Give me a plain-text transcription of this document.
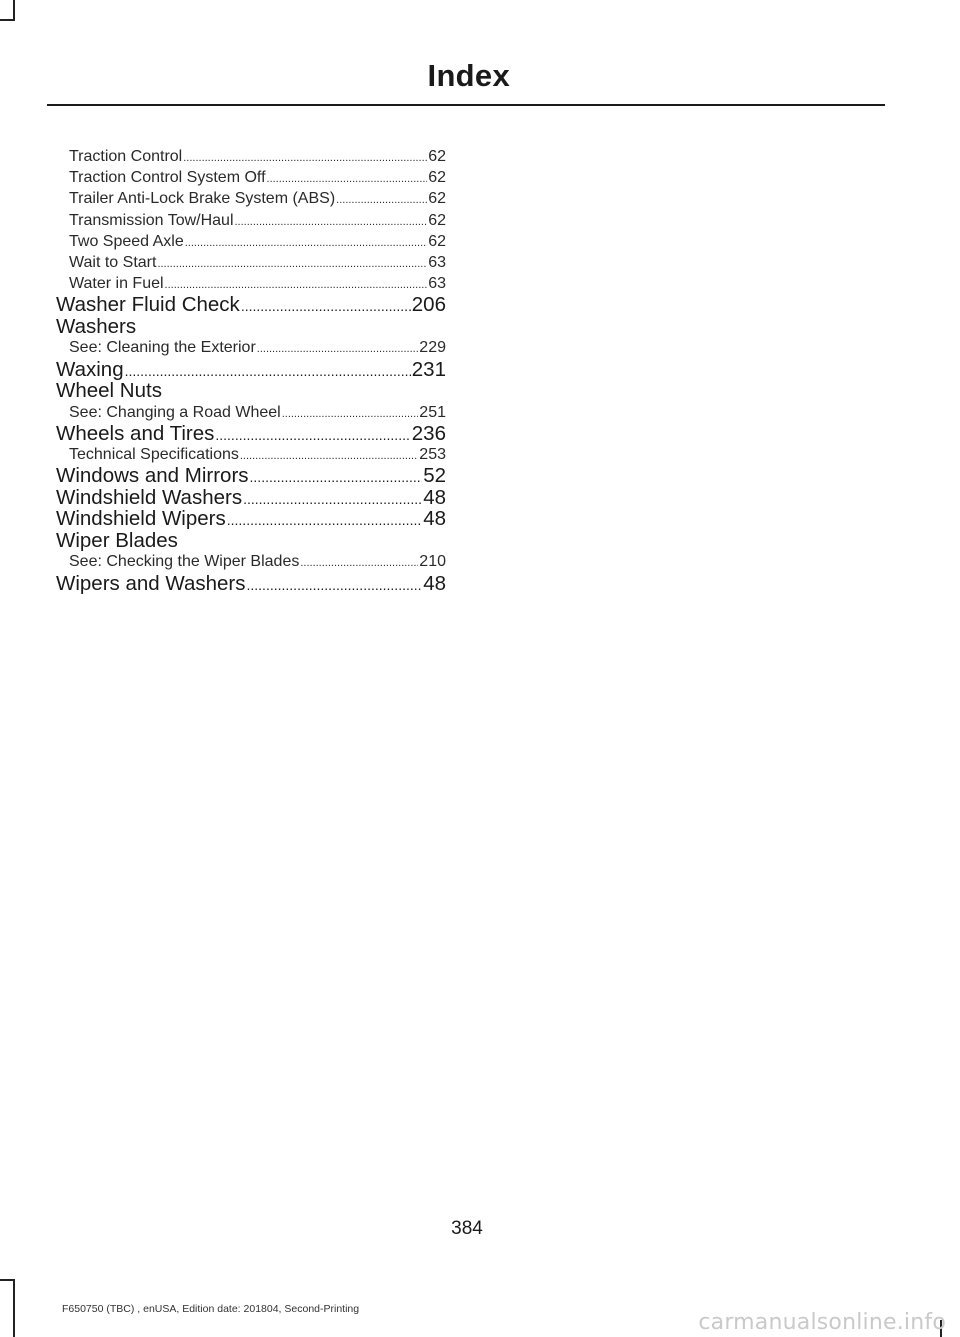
Index
Traction Control .....	62
Traction Control System Off .....	62
Trailer Anti-Lock Brake System (ABS) .....	62
Transmission Tow/Haul .....	62
Two Speed Axle .....	62
Wait to Start .....	63
Water in Fuel .....	63
Washer Fluid Check .....	206
Washers
See: Cleaning the Exterior .....	229
Waxing .....	231
Wheel Nuts
See: Changing a Road Wheel .....	251
Wheels and Tires .....	236
Technical Specifications .....	253
Windows and Mirrors .....	52
Windshield Washers .....	48
Windshield Wipers .....	48
Wiper Blades
See: Checking the Wiper Blades .....	210
Wipers and Washers .....	48
384
F650750 (TBC) , enUSA, Edition date: 201804, Second-Printing
carmanualsonline.info
